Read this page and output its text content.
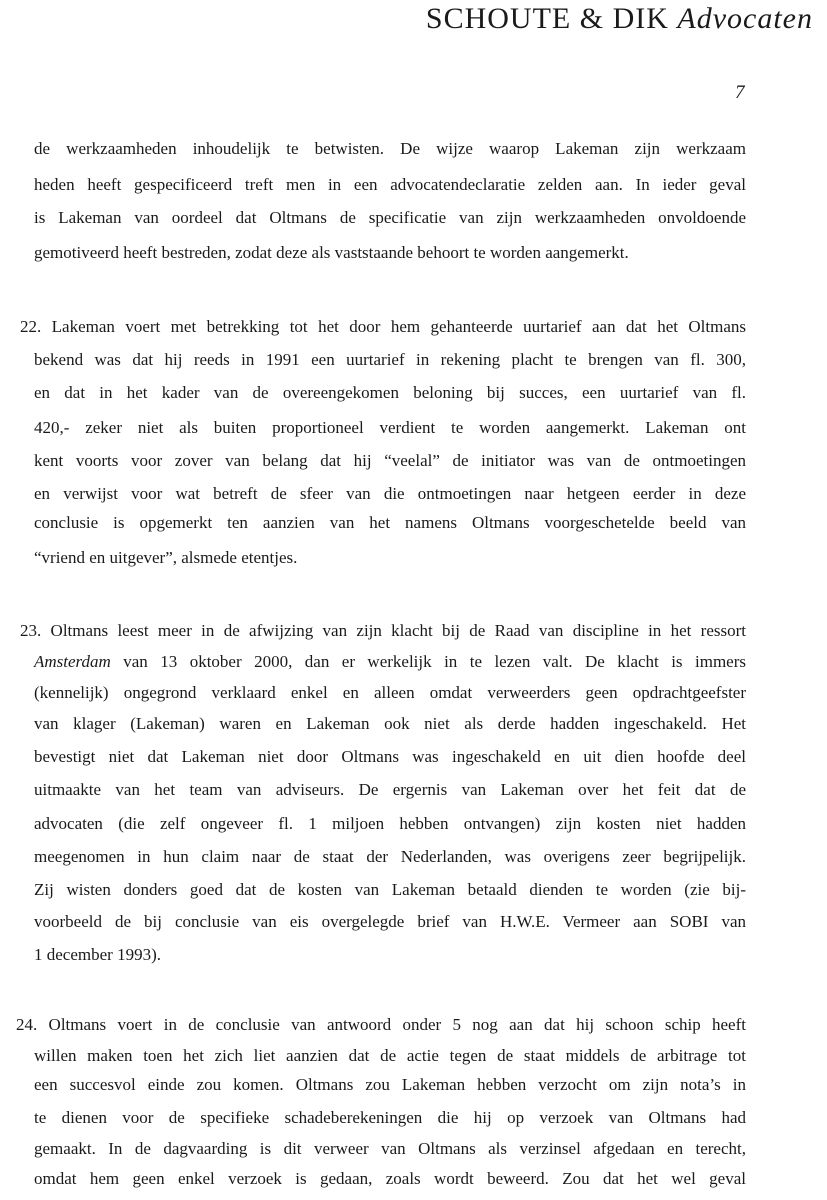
SCHOUTE & DIK Advocaten
7
de werkzaamheden inhoudelijk te betwisten. De wijze waarop Lakeman zijn werkzaam
heden heeft gespecificeerd treft men in een advocatendeclaratie zelden aan. In ieder geval
is Lakeman van oordeel dat Oltmans de specificatie van zijn werkzaamheden onvoldoende
gemotiveerd heeft bestreden, zodat deze als vaststaande behoort te worden aangemerkt.
22. Lakeman voert met betrekking tot het door hem gehanteerde uurtarief aan dat het Oltmans
bekend was dat hij reeds in 1991 een uurtarief in rekening placht te brengen van fl. 300,
en dat in het kader van de overeengekomen beloning bij succes, een uurtarief van fl.
420,- zeker niet als buiten proportioneel verdient te worden aangemerkt. Lakeman ont
kent voorts voor zover van belang dat hij “veelal” de initiator was van de ontmoetingen
en verwijst voor wat betreft de sfeer van die ontmoetingen naar hetgeen eerder in deze
conclusie is opgemerkt ten aanzien van het namens Oltmans voorgeschetelde beeld van
“vriend en uitgever”, alsmede etentjes.
23. Oltmans leest meer in de afwijzing van zijn klacht bij de Raad van discipline in het ressort
Amsterdam van 13 oktober 2000, dan er werkelijk in te lezen valt. De klacht is immers
(kennelijk) ongegrond verklaard enkel en alleen omdat verweerders geen opdrachtgeefster
van klager (Lakeman) waren en Lakeman ook niet als derde hadden ingeschakeld. Het
bevestigt niet dat Lakeman niet door Oltmans was ingeschakeld en uit dien hoofde deel
uitmaakte van het team van adviseurs. De ergernis van Lakeman over het feit dat de
advocaten (die zelf ongeveer fl. 1 miljoen hebben ontvangen) zijn kosten niet hadden
meegenomen in hun claim naar de staat der Nederlanden, was overigens zeer begrijpelijk.
Zij wisten donders goed dat de kosten van Lakeman betaald dienden te worden (zie bij-
voorbeeld de bij conclusie van eis overgelegde brief van H.W.E. Vermeer aan SOBI van
1 december 1993).
24. Oltmans voert in de conclusie van antwoord onder 5 nog aan dat hij schoon schip heeft
willen maken toen het zich liet aanzien dat de actie tegen de staat middels de arbitrage tot
een succesvol einde zou komen. Oltmans zou Lakeman hebben verzocht om zijn nota’s in
te dienen voor de specifieke schadeberekeningen die hij op verzoek van Oltmans had
gemaakt. In de dagvaarding is dit verweer van Oltmans als verzinsel afgedaan en terecht,
omdat hem geen enkel verzoek is gedaan, zoals wordt beweerd. Zou dat het wel geval
